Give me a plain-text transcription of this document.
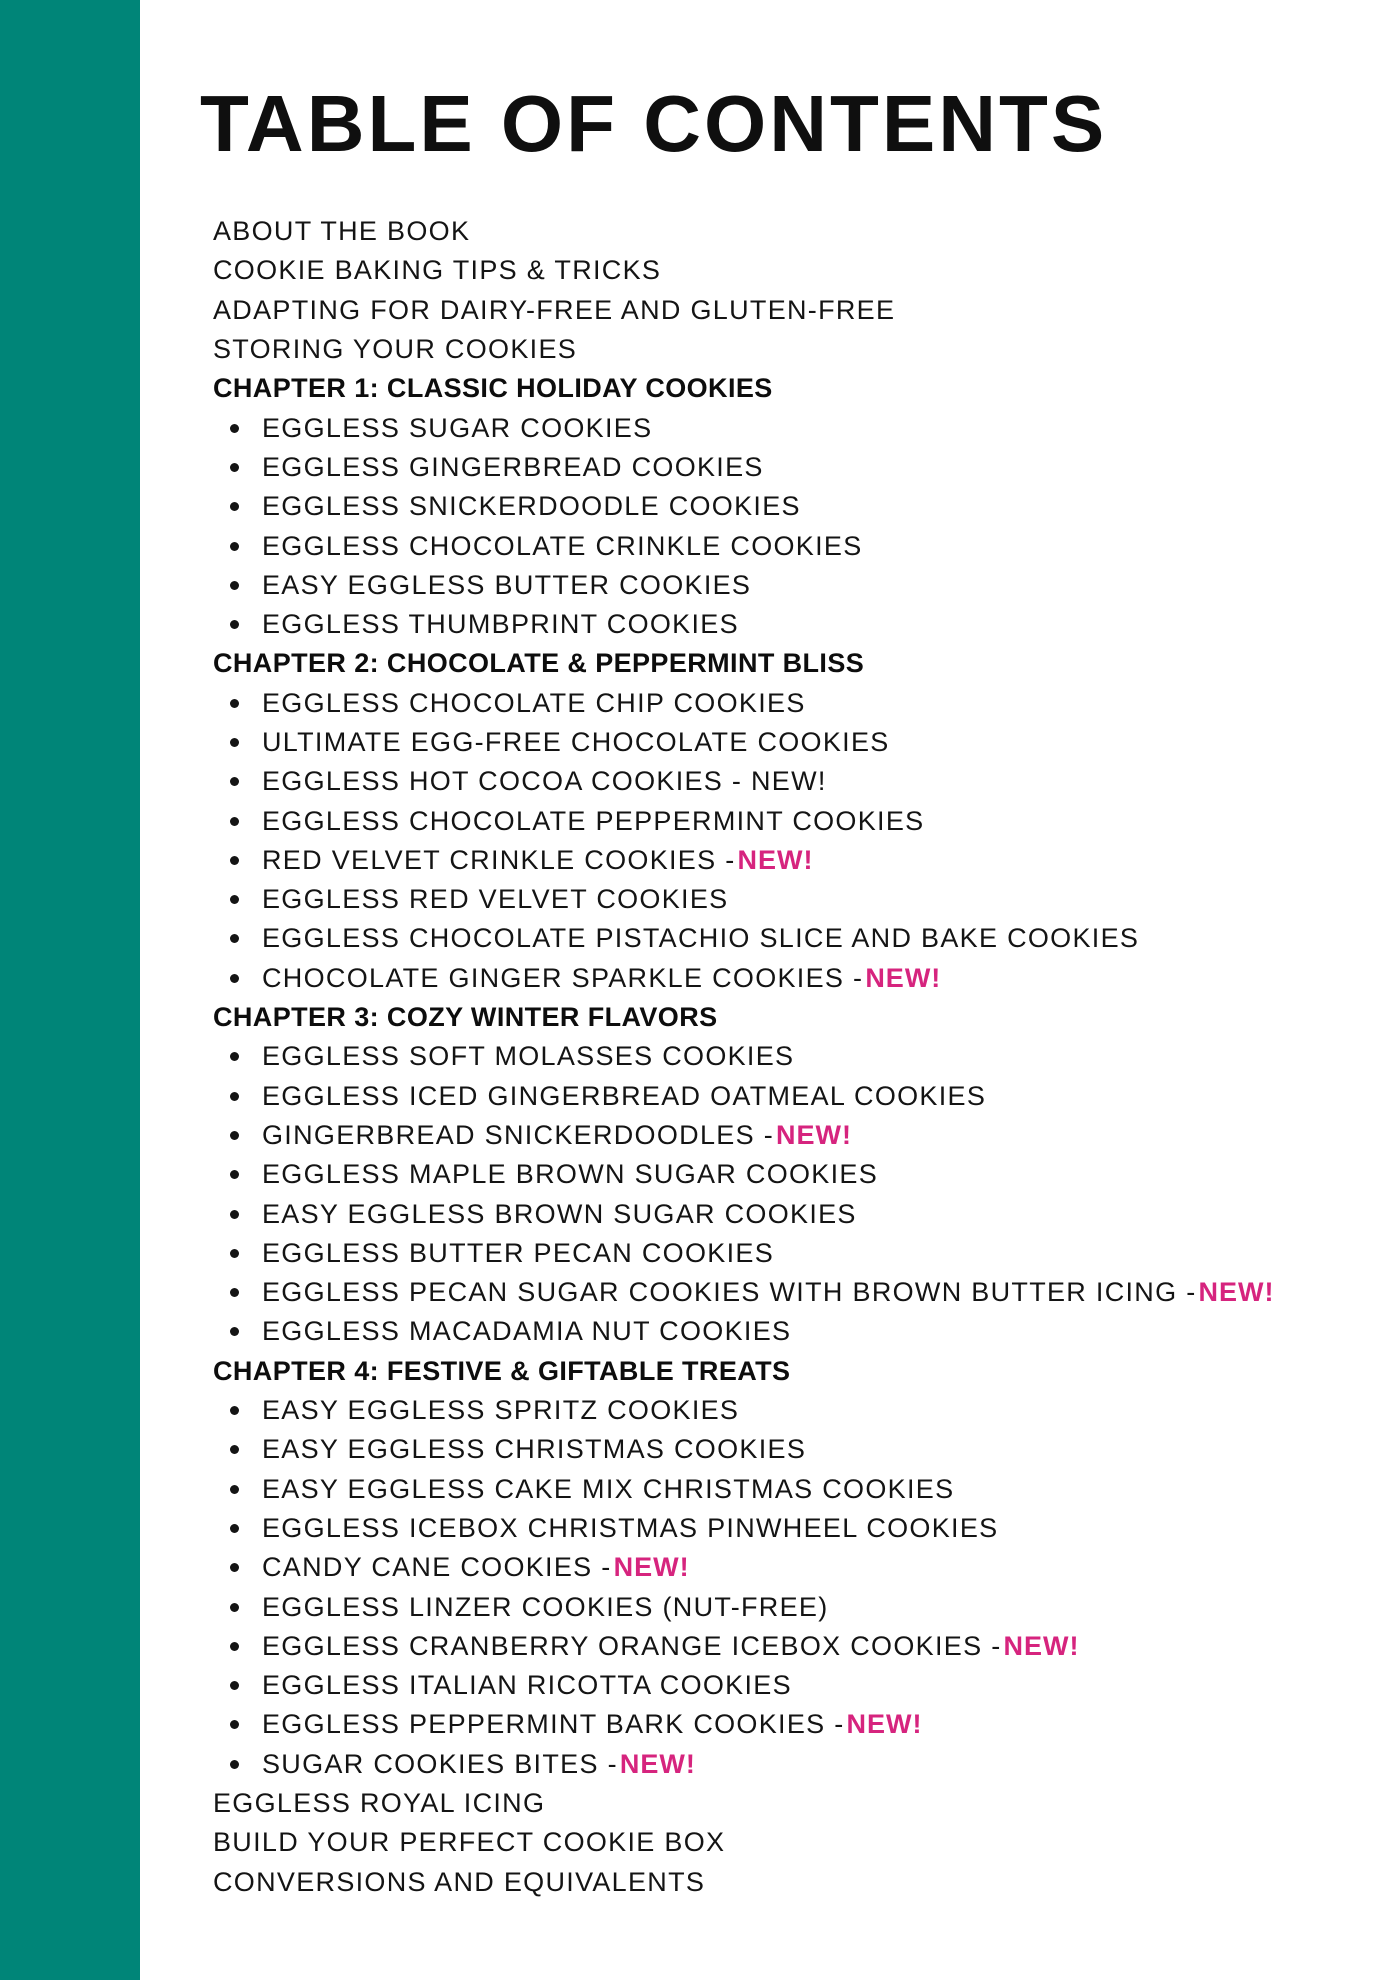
TABLE OF CONTENTS
ABOUT THE BOOK
COOKIE BAKING TIPS & TRICKS
ADAPTING FOR DAIRY-FREE AND GLUTEN-FREE
STORING YOUR COOKIES
CHAPTER 1: CLASSIC HOLIDAY COOKIES
EGGLESS SUGAR COOKIES
EGGLESS GINGERBREAD COOKIES
EGGLESS SNICKERDOODLE COOKIES
EGGLESS CHOCOLATE CRINKLE COOKIES
EASY EGGLESS BUTTER COOKIES
EGGLESS THUMBPRINT COOKIES
CHAPTER 2: CHOCOLATE & PEPPERMINT BLISS
EGGLESS CHOCOLATE CHIP COOKIES
ULTIMATE EGG-FREE CHOCOLATE COOKIES
EGGLESS HOT COCOA COOKIES - NEW!
EGGLESS CHOCOLATE PEPPERMINT COOKIES
RED VELVET CRINKLE COOKIES - NEW!
EGGLESS RED VELVET COOKIES
EGGLESS CHOCOLATE PISTACHIO SLICE AND BAKE COOKIES
CHOCOLATE GINGER SPARKLE COOKIES - NEW!
CHAPTER 3: COZY WINTER FLAVORS
EGGLESS SOFT MOLASSES COOKIES
EGGLESS ICED GINGERBREAD OATMEAL COOKIES
GINGERBREAD SNICKERDOODLES - NEW!
EGGLESS MAPLE BROWN SUGAR COOKIES
EASY EGGLESS BROWN SUGAR COOKIES
EGGLESS BUTTER PECAN COOKIES
EGGLESS PECAN SUGAR COOKIES WITH BROWN BUTTER ICING - NEW!
EGGLESS MACADAMIA NUT COOKIES
CHAPTER 4: FESTIVE & GIFTABLE TREATS
EASY EGGLESS SPRITZ COOKIES
EASY EGGLESS CHRISTMAS COOKIES
EASY EGGLESS CAKE MIX CHRISTMAS COOKIES
EGGLESS ICEBOX CHRISTMAS PINWHEEL COOKIES
CANDY CANE COOKIES - NEW!
EGGLESS LINZER COOKIES (NUT-FREE)
EGGLESS CRANBERRY ORANGE ICEBOX COOKIES - NEW!
EGGLESS ITALIAN RICOTTA COOKIES
EGGLESS PEPPERMINT BARK COOKIES - NEW!
SUGAR COOKIES BITES - NEW!
EGGLESS ROYAL ICING
BUILD YOUR PERFECT COOKIE BOX
CONVERSIONS AND EQUIVALENTS
